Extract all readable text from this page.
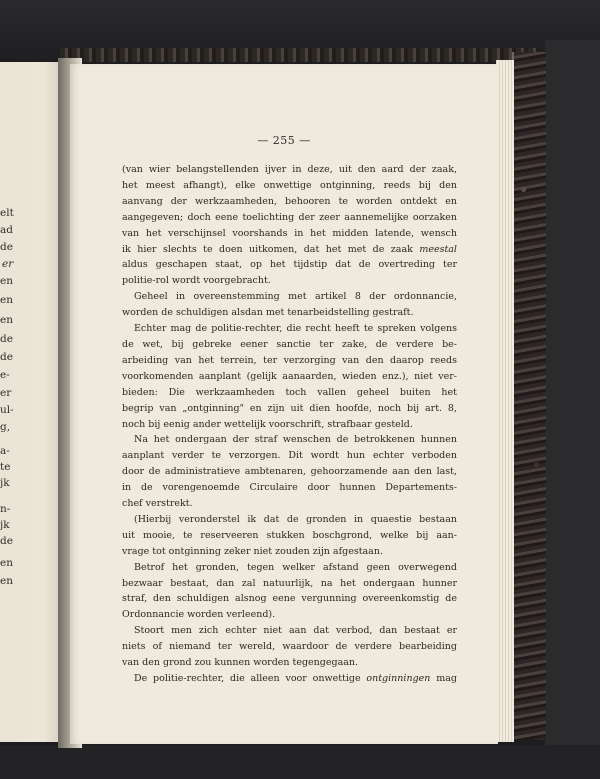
elt
ad
de
er
en
en
en
de
de
e-
er
ul-
g,
a-
te
jk
n-
jk
de
en
en
— 255 —
(van wier belangstellenden ijver in deze, uit den aard der zaak,
het meest afhangt), elke onwettige ontginning, reeds bij den
aanvang der werkzaamheden, behooren te worden ontdekt en
aangegeven; doch eene toelichting der zeer aannemelijke oorzaken
van het verschijnsel voorshands in het midden latende, wensch
ik hier slechts te doen uitkomen, dat het met de zaak meestal
aldus geschapen staat, op het tijdstip dat de overtreding ter
politie-rol wordt voorgebracht.
Geheel in overeenstemming met artikel 8 der ordonnancie,
worden de schuldigen alsdan met tenarbeidstelling gestraft.
Echter mag de politie-rechter, die recht heeft te spreken volgens
de wet, bij gebreke eener sanctie ter zake, de verdere be-
arbeiding van het terrein, ter verzorging van den daarop reeds
voorkomenden aanplant (gelijk aanaarden, wieden enz.), niet ver-
bieden: Die werkzaamheden toch vallen geheel buiten het
begrip van „ontginning" en zijn uit dien hoofde, noch bij art. 8,
noch bij eenig ander wettelijk voorschrift, strafbaar gesteld.
Na het ondergaan der straf wenschen de betrokkenen hunnen
aanplant verder te verzorgen. Dit wordt hun echter verboden
door de administratieve ambtenaren, gehoorzamende aan den last,
in de vorengenoemde Circulaire door hunnen Departements-
chef verstrekt.
(Hierbij veronderstel ik dat de gronden in quaestie bestaan
uit mooie, te reserveeren stukken boschgrond, welke bij aan-
vrage tot ontginning zeker niet zouden zijn afgestaan.
Betrof het gronden, tegen welker afstand geen overwegend
bezwaar bestaat, dan zal natuurlijk, na het ondergaan hunner
straf, den schuldigen alsnog eene vergunning overeenkomstig de
Ordonnancie worden verleend).
Stoort men zich echter niet aan dat verbod, dan bestaat er
niets of niemand ter wereld, waardoor de verdere bearbeiding
van den grond zou kunnen worden tegengegaan.
De politie-rechter, die alleen voor onwettige ontginningen mag
